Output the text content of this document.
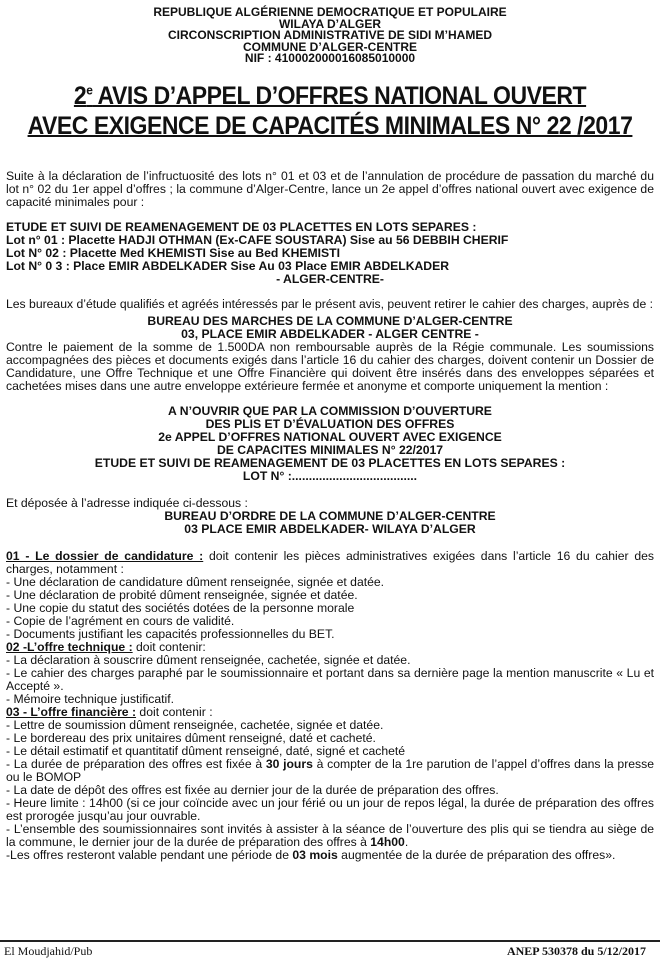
REPUBLIQUE ALGÉRIENNE DEMOCRATIQUE ET POPULAIRE
WILAYA D’ALGER
CIRCONSCRIPTION ADMINISTRATIVE DE SIDI M’HAMED
COMMUNE D’ALGER-CENTRE
NIF : 410002000016085010000
2e AVIS D’APPEL D’OFFRES NATIONAL OUVERT
AVEC EXIGENCE DE CAPACITÉS MINIMALES N° 22 /2017
Suite à la déclaration de l’infructuosité des lots n° 01 et 03 et de l’annulation de procédure de passation du marché du lot n° 02 du 1er appel d’offres ; la commune d’Alger-Centre, lance un 2e appel d’offres national ouvert avec exigence de capacité minimales pour :
ETUDE ET SUIVI DE REAMENAGEMENT DE 03 PLACETTES EN LOTS SEPARES :
Lot n° 01 : Placette HADJI OTHMAN (Ex-CAFE SOUSTARA) Sise au 56 DEBBIH CHERIF
Lot N° 02 : Placette Med KHEMISTI Sise au Bed KHEMISTI
Lot N° 0 3 : Place EMIR ABDELKADER Sise Au 03 Place EMIR ABDELKADER
- ALGER-CENTRE-
Les bureaux d’étude qualifiés et agréés intéressés par le présent avis, peuvent retirer le cahier des charges, auprès de :
BUREAU DES MARCHES DE LA COMMUNE D’ALGER-CENTRE
03, PLACE EMIR ABDELKADER - ALGER CENTRE -
Contre le paiement de la somme de 1.500DA non remboursable auprès de la Régie communale. Les soumissions accompagnées des pièces et documents exigés dans l’article 16 du cahier des charges, doivent contenir un Dossier de Candidature, une Offre Technique et une Offre Financière qui doivent être insérés dans des enveloppes séparées et cachetées mises dans une autre enveloppe extérieure fermée et anonyme et comporte uniquement la mention :
A N’OUVRIR QUE PAR LA COMMISSION D’OUVERTURE
DES PLIS ET D’ÉVALUATION DES OFFRES
2e APPEL D’OFFRES NATIONAL OUVERT AVEC EXIGENCE
DE CAPACITES MINIMALES N° 22/2017
ETUDE ET SUIVI DE REAMENAGEMENT DE 03 PLACETTES EN LOTS SEPARES :
LOT N° :.....................................
Et déposée à l’adresse indiquée ci-dessous :
BUREAU D’ORDRE DE LA COMMUNE D’ALGER-CENTRE
03 PLACE EMIR ABDELKADER- WILAYA D’ALGER
01 - Le dossier de candidature : doit contenir les pièces administratives exigées dans l’article 16 du cahier des charges, notamment :
- Une déclaration de candidature dûment renseignée, signée et datée.
- Une déclaration de probité dûment renseignée, signée et datée.
- Une copie du statut des sociétés dotées de la personne morale
- Copie de l’agrément en cours de validité.
- Documents justifiant les capacités professionnelles du BET.
02 -L’offre technique : doit contenir:
- La déclaration à souscrire dûment renseignée, cachetée, signée et datée.
- Le cahier des charges paraphé par le soumissionnaire et portant dans sa dernière page la mention manuscrite « Lu et Accepté ».
- Mémoire technique justificatif.
03 - L’offre financière : doit contenir :
- Lettre de soumission dûment renseignée, cachetée, signée et datée.
- Le bordereau des prix unitaires dûment renseigné, daté et cacheté.
- Le détail estimatif et quantitatif dûment renseigné, daté, signé et cacheté
- La durée de préparation des offres est fixée à 30 jours à compter de la 1re parution de l’appel d’offres dans la presse ou le BOMOP
- La date de dépôt des offres est fixée au dernier jour de la durée de préparation des offres.
- Heure limite : 14h00 (si ce jour coïncide avec un jour férié ou un jour de repos légal, la durée de préparation des offres est prorogée jusqu’au jour ouvrable.
- L’ensemble des soumissionnaires sont invités à assister à la séance de l’ouverture des plis qui se tiendra au siège de la commune, le dernier jour de la durée de préparation des offres à 14h00.
-Les offres resteront valable pendant une période de 03 mois augmentée de la durée de préparation des offres».
El Moudjahid/Pub	ANEP 530378 du 5/12/2017
